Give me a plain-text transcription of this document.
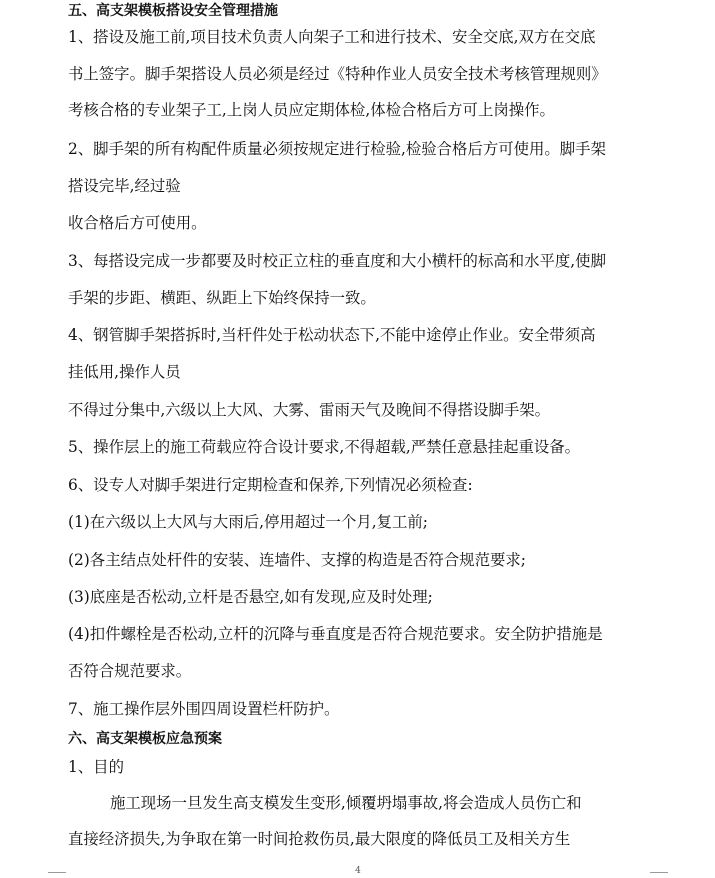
五、高支架模板搭设安全管理措施
1、搭设及施工前,项目技术负责人向架子工和进行技术、安全交底,双方在交底
书上签字。脚手架搭设人员必须是经过《特种作业人员安全技术考核管理规则》
考核合格的专业架子工,上岗人员应定期体检,体检合格后方可上岗操作。
2、脚手架的所有构配件质量必须按规定进行检验,检验合格后方可使用。脚手架
搭设完毕,经过验
收合格后方可使用。
3、每搭设完成一步都要及时校正立柱的垂直度和大小横杆的标高和水平度,使脚
手架的步距、横距、纵距上下始终保持一致。
4、钢管脚手架搭拆时,当杆件处于松动状态下,不能中途停止作业。安全带须高
挂低用,操作人员
不得过分集中,六级以上大风、大雾、雷雨天气及晚间不得搭设脚手架。
5、操作层上的施工荷载应符合设计要求,不得超载,严禁任意悬挂起重设备。
6、设专人对脚手架进行定期检查和保养,下列情况必须检查:
(1)在六级以上大风与大雨后,停用超过一个月,复工前;
(2)各主结点处杆件的安装、连墙件、支撑的构造是否符合规范要求;
(3)底座是否松动,立杆是否悬空,如有发现,应及时处理;
(4)扣件螺栓是否松动,立杆的沉降与垂直度是否符合规范要求。安全防护措施是
否符合规范要求。
7、施工操作层外围四周设置栏杆防护。
六、高支架模板应急预案
1、目的
施工现场一旦发生高支模发生变形,倾覆坍塌事故,将会造成人员伤亡和
直接经济损失,为争取在第一时间抢救伤员,最大限度的降低员工及相关方生
4
